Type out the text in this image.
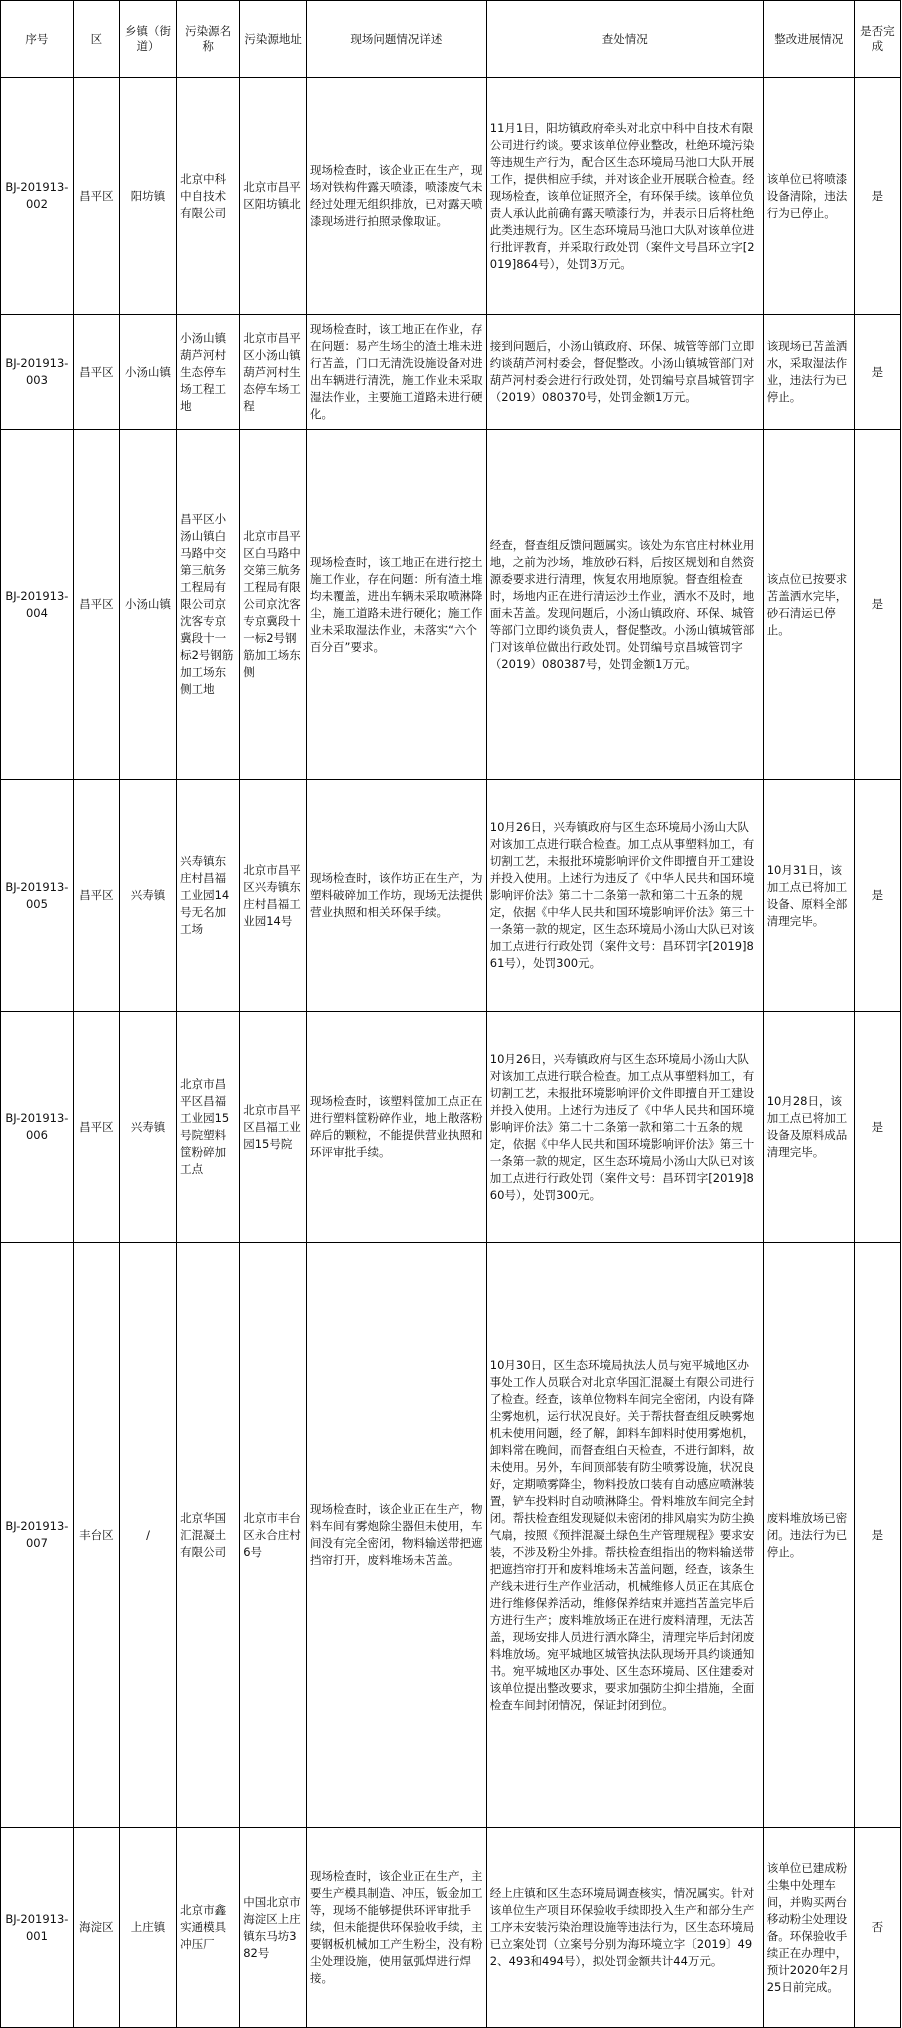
序号	区	乡镇（街道）	污染源名称	污染源地址	现场问题情况详述	查处情况	整改进展情况	是否完成
BJ-201913-002	昌平区	阳坊镇	北京中科中自技术有限公司	北京市昌平区阳坊镇北	现场检查时，该企业正在生产，现场对铁构件露天喷漆，喷漆废气未经过处理无组织排放，已对露天喷漆现场进行拍照录像取证。	11月1日，阳坊镇政府牵头对北京中科中自技术有限公司进行约谈。要求该单位停业整改，杜绝环境污染等违规生产行为，配合区生态环境局马池口大队开展工作，提供相应手续，并对该企业开展联合检查。经现场检查，该单位证照齐全，有环保手续。该单位负责人承认此前确有露天喷漆行为，并表示日后将杜绝此类违规行为。区生态环境局马池口大队对该单位进行批评教育，并采取行政处罚（案件文号昌环立字[2019]864号），处罚3万元。	该单位已将喷漆设备清除，违法行为已停止。	是
BJ-201913-003	昌平区	小汤山镇	小汤山镇葫芦河村生态停车场工程工地	北京市昌平区小汤山镇葫芦河村生态停车场工程	现场检查时，该工地正在作业，存在问题：易产生场尘的渣土堆未进行苫盖，门口无清洗设施设备对进出车辆进行清洗，施工作业未采取湿法作业，主要施工道路未进行硬化。	接到问题后，小汤山镇政府、环保、城管等部门立即约谈葫芦河村委会，督促整改。小汤山镇城管部门对葫芦河村委会进行行政处罚，处罚编号京昌城管罚字（2019）080370号，处罚金额1万元。	该现场已苫盖洒水，采取湿法作业，违法行为已停止。	是
BJ-201913-004	昌平区	小汤山镇	昌平区小汤山镇白马路中交第三航务工程局有限公司京沈客专京冀段十一标2号钢筋加工场东侧工地	北京市昌平区白马路中交第三航务工程局有限公司京沈客专京冀段十一标2号钢筋加工场东侧	现场检查时，该工地正在进行挖土施工作业，存在问题：所有渣土堆均未覆盖，进出车辆未采取喷淋降尘，施工道路未进行硬化；施工作业未采取湿法作业，未落实“六个百分百”要求。	经查，督查组反馈问题属实。该处为东官庄村林业用地，之前为沙场，堆放砂石料，后按区规划和自然资源委要求进行清理，恢复农用地原貌。督查组检查时，场地内正在进行清运沙土作业，洒水不及时，地面未苫盖。发现问题后，小汤山镇政府、环保、城管等部门立即约谈负责人，督促整改。小汤山镇城管部门对该单位做出行政处罚。处罚编号京昌城管罚字（2019）080387号，处罚金额1万元。	该点位已按要求苫盖洒水完毕，砂石清运已停止。	是
BJ-201913-005	昌平区	兴寿镇	兴寿镇东庄村昌福工业园14号无名加工场	北京市昌平区兴寿镇东庄村昌福工业园14号	现场检查时，该作坊正在生产，为塑料破碎加工作坊，现场无法提供营业执照和相关环保手续。	10月26日，兴寿镇政府与区生态环境局小汤山大队对该加工点进行联合检查。加工点从事塑料加工，有切割工艺，未报批环境影响评价文件即擅自开工建设并投入使用。上述行为违反了《中华人民共和国环境影响评价法》第二十二条第一款和第二十五条的规定，依据《中华人民共和国环境影响评价法》第三十一条第一款的规定，区生态环境局小汤山大队已对该加工点进行行政处罚（案件文号：昌环罚字[2019]861号），处罚300元。	10月31日，该加工点已将加工设备、原料全部清理完毕。	是
BJ-201913-006	昌平区	兴寿镇	北京市昌平区昌福工业园15号院塑料筐粉碎加工点	北京市昌平区昌福工业园15号院	现场检查时，该塑料筐加工点正在进行塑料筐粉碎作业，地上散落粉碎后的颗粒，不能提供营业执照和环评审批手续。	10月26日，兴寿镇政府与区生态环境局小汤山大队对该加工点进行联合检查。加工点从事塑料加工，有切割工艺，未报批环境影响评价文件即擅自开工建设并投入使用。上述行为违反了《中华人民共和国环境影响评价法》第二十二条第一款和第二十五条的规定，依据《中华人民共和国环境影响评价法》第三十一条第一款的规定，区生态环境局小汤山大队已对该加工点进行行政处罚（案件文号：昌环罚字[2019]860号），处罚300元。	10月28日，该加工点已将加工设备及原料成品清理完毕。	是
BJ-201913-007	丰台区	/	北京华国汇混凝土有限公司	北京市丰台区永合庄村6号	现场检查时，该企业正在生产，物料车间有雾炮除尘器但未使用，车间没有完全密闭，物料输送带把遮挡帘打开，废料堆场未苫盖。	10月30日，区生态环境局执法人员与宛平城地区办事处工作人员联合对北京华国汇混凝土有限公司进行了检查。经查，该单位物料车间完全密闭，内设有降尘雾炮机，运行状况良好。关于帮扶督查组反映雾炮机未使用问题，经了解，卸料车卸料时使用雾炮机，卸料常在晚间，而督查组白天检查，不进行卸料，故未使用。另外，车间顶部装有防尘喷雾设施，状况良好，定期喷雾降尘，物料投放口装有自动感应喷淋装置，铲车投料时自动喷淋降尘。骨料堆放车间完全封闭。帮扶检查组发现疑似未密闭的排风扇实为防尘换气扇，按照《预拌混凝土绿色生产管理规程》要求安装，不涉及粉尘外排。帮扶检查组指出的物料输送带把遮挡帘打开和废料堆场未苫盖问题，经查，该条生产线未进行生产作业活动，机械维修人员正在其底仓进行维修保养活动，维修保养结束并遮挡苫盖完毕后方进行生产；废料堆放场正在进行废料清理，无法苫盖，现场安排人员进行洒水降尘，清理完毕后封闭废料堆放场。宛平城地区城管执法队现场开具约谈通知书。宛平城地区办事处、区生态环境局、区住建委对该单位提出整改要求，要求加强防尘抑尘措施，全面检查车间封闭情况，保证封闭到位。	废料堆放场已密闭。违法行为已停止。	是
BJ-201913-001	海淀区	上庄镇	北京市鑫实通模具冲压厂	中国北京市海淀区上庄镇东马坊382号	现场检查时，该企业正在生产，主要生产模具制造、冲压，钣金加工等，现场不能够提供环评审批手续，但未能提供环保验收手续，主要钢板机械加工产生粉尘，没有粉尘处理设施，使用氩弧焊进行焊接。	经上庄镇和区生态环境局调查核实，情况属实。针对该单位生产项目环保验收手续即投入生产和部分生产工序未安装污染治理设施等违法行为，区生态环境局已立案处罚（立案号分别为海环境立字〔2019〕492、493和494号），拟处罚金额共计44万元。	该单位已建成粉尘集中处理车间，并购买两台移动粉尘处理设备。环保验收手续正在办理中，预计2020年2月25日前完成。	否
